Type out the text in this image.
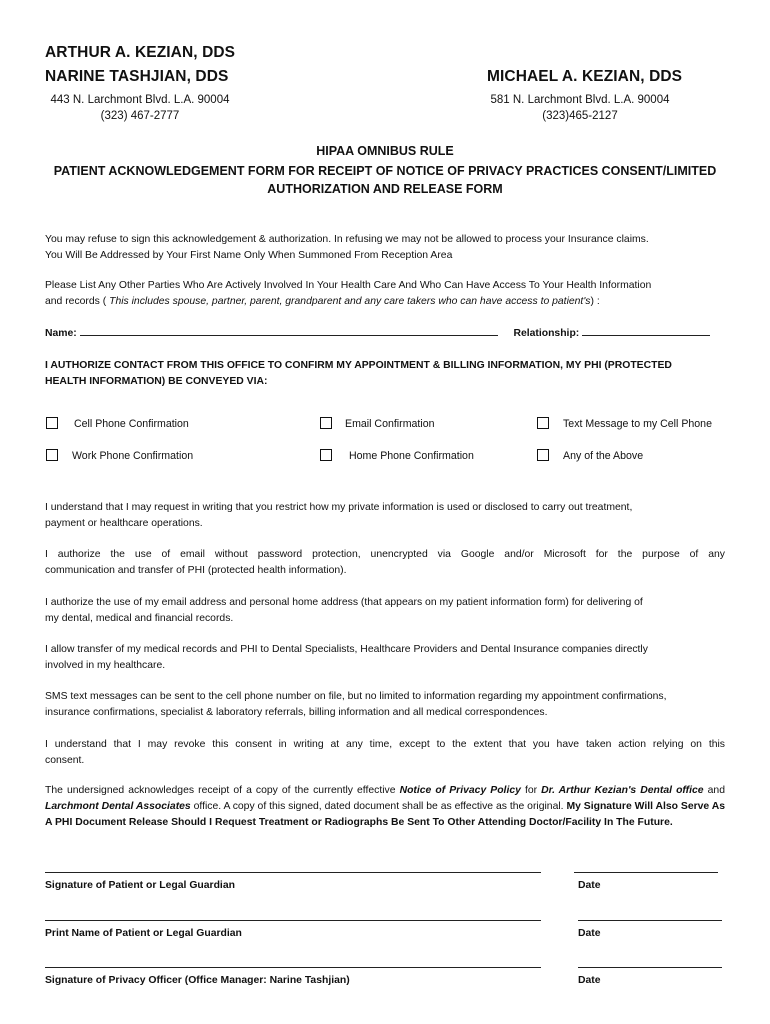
ARTHUR A. KEZIAN, DDS
NARINE TASHJIAN, DDS	MICHAEL A. KEZIAN, DDS
443 N. Larchmont Blvd. L.A. 90004
(323) 467-2777
581 N. Larchmont Blvd. L.A. 90004
(323)465-2127
HIPAA OMNIBUS RULE
PATIENT ACKNOWLEDGEMENT FORM FOR RECEIPT OF NOTICE OF PRIVACY PRACTICES CONSENT/LIMITED
AUTHORIZATION AND RELEASE FORM
You may refuse to sign this acknowledgement & authorization. In refusing we may not be allowed to process your Insurance claims.
You Will Be Addressed by Your First Name Only When Summoned From Reception Area
Please List Any Other Parties Who Are Actively Involved In Your Health Care And Who Can Have Access To Your Health Information
and records ( This includes spouse, partner, parent, grandparent and any care takers who can have access to patient's) :
Name:	Relationship:
I AUTHORIZE CONTACT FROM THIS OFFICE TO CONFIRM MY APPOINTMENT & BILLING INFORMATION, MY PHI (PROTECTED
HEALTH INFORMATION) BE CONVEYED VIA:
Cell Phone Confirmation	Email Confirmation	Text Message to my Cell Phone
Work Phone Confirmation	Home Phone Confirmation	Any of the Above
I understand that I may request in writing that you restrict how my private information is used or disclosed to carry out treatment,
payment or healthcare operations.
I authorize the use of email without password protection, unencrypted via Google and/or Microsoft for the purpose of any
communication and transfer of PHI (protected health information).
I authorize the use of my email address and personal home address (that appears on my patient information form) for delivering of
my dental, medical and financial records.
I allow transfer of my medical records and PHI to Dental Specialists, Healthcare Providers and Dental Insurance companies directly
involved in my healthcare.
SMS text messages can be sent to the cell phone number on file, but no limited to information regarding my appointment confirmations,
insurance confirmations, specialist & laboratory referrals, billing information and all medical correspondences.
I understand that I may revoke this consent in writing at any time, except to the extent that you have taken action relying on this
consent.
The undersigned acknowledges receipt of a copy of the currently effective Notice of Privacy Policy for Dr. Arthur Kezian's Dental office and Larchmont Dental Associates office. A copy of this signed, dated document shall be as effective as the original. My Signature Will Also Serve As A PHI Document Release Should I Request Treatment or Radiographs Be Sent To Other Attending Doctor/Facility In The Future.
Signature of Patient or Legal Guardian	Date
Print Name of Patient or Legal Guardian	Date
Signature of Privacy Officer (Office Manager: Narine Tashjian)	Date
